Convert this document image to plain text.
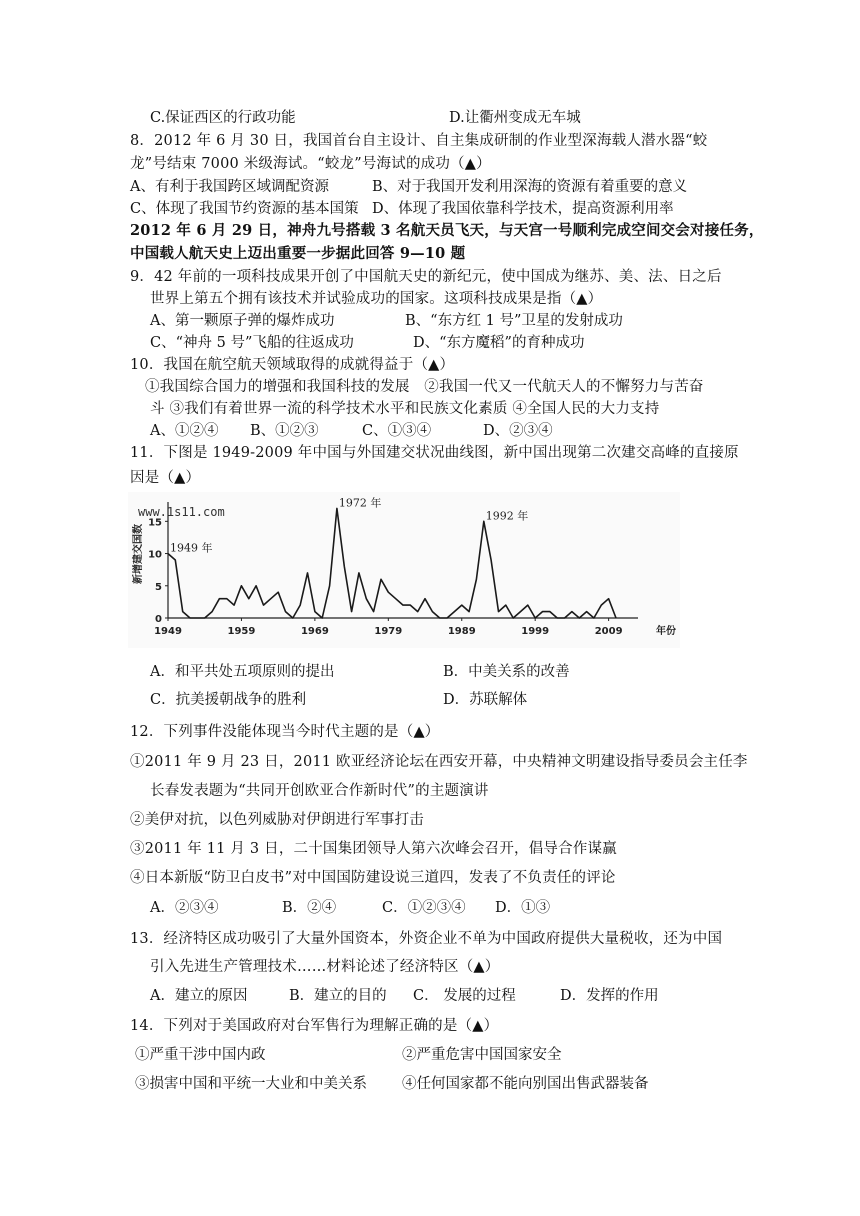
C.保证西区的行政功能	D.让衢州变成无车城
8．2012 年 6 月 30 日，我国首台自主设计、自主集成研制的作业型深海载人潜水器“蛟
龙”号结束 7000 米级海试。“蛟龙”号海试的成功（▲）
A、有利于我国跨区域调配资源	B、对于我国开发利用深海的资源有着重要的意义
C、体现了我国节约资源的基本国策 D、体现了我国依靠科学技术，提高资源利用率
2012 年 6 月 29 日，神舟九号搭载 3 名航天员飞天，与天宫一号顺利完成空间交会对接任务，
中国载人航天史上迈出重要一步据此回答 9—10 题
9．42 年前的一项科技成果开创了中国航天史的新纪元，使中国成为继苏、美、法、日之后
世界上第五个拥有该技术并试验成功的国家。这项科技成果是指（▲）
A、第一颗原子弹的爆炸成功	B、“东方红 1 号”卫星的发射成功
C、“神舟 5 号”飞船的往返成功	D、“东方魔稻”的育种成功
10．我国在航空航天领域取得的成就得益于（▲）
①我国综合国力的增强和我国科技的发展　②我国一代又一代航天人的不懈努力与苦奋
斗 ③我们有着世界一流的科学技术水平和民族文化素质 ④全国人民的大力支持
A、①②④ B、①②③	C、①③④	D、②③④
11．下图是 1949-2009 年中国与外国建交状况曲线图，新中国出现第二次建交高峰的直接原
因是（▲）
www.1s11.com
新增建交国数
年份
0
5
10
15
1949	1959	1969	1979	1989	1999	2009
1949 年
1972 年
1992 年
A．和平共处五项原则的提出	B．中美关系的改善
C．抗美援朝战争的胜利	D．苏联解体
12．下列事件没能体现当今时代主题的是（▲）
①2011 年 9 月 23 日，2011 欧亚经济论坛在西安开幕，中央精神文明建设指导委员会主任李
长春发表题为“共同开创欧亚合作新时代”的主题演讲
②美伊对抗，以色列威胁对伊朗进行军事打击
③2011 年 11 月 3 日，二十国集团领导人第六次峰会召开，倡导合作谋赢
④日本新版“防卫白皮书”对中国国防建设说三道四，发表了不负责任的评论
A．②③④	B．②④	C．①②③④ D．①③
13．经济特区成功吸引了大量外国资本，外资企业不单为中国政府提供大量税收，还为中国
引入先进生产管理技术……材料论述了经济特区（▲）
A．建立的原因	B．建立的目的 C． 发展的过程	D．发挥的作用
14．下列对于美国政府对台军售行为理解正确的是（▲）
①严重干涉中国内政	②严重危害中国国家安全
③损害中国和平统一大业和中美关系 ④任何国家都不能向别国出售武器装备
